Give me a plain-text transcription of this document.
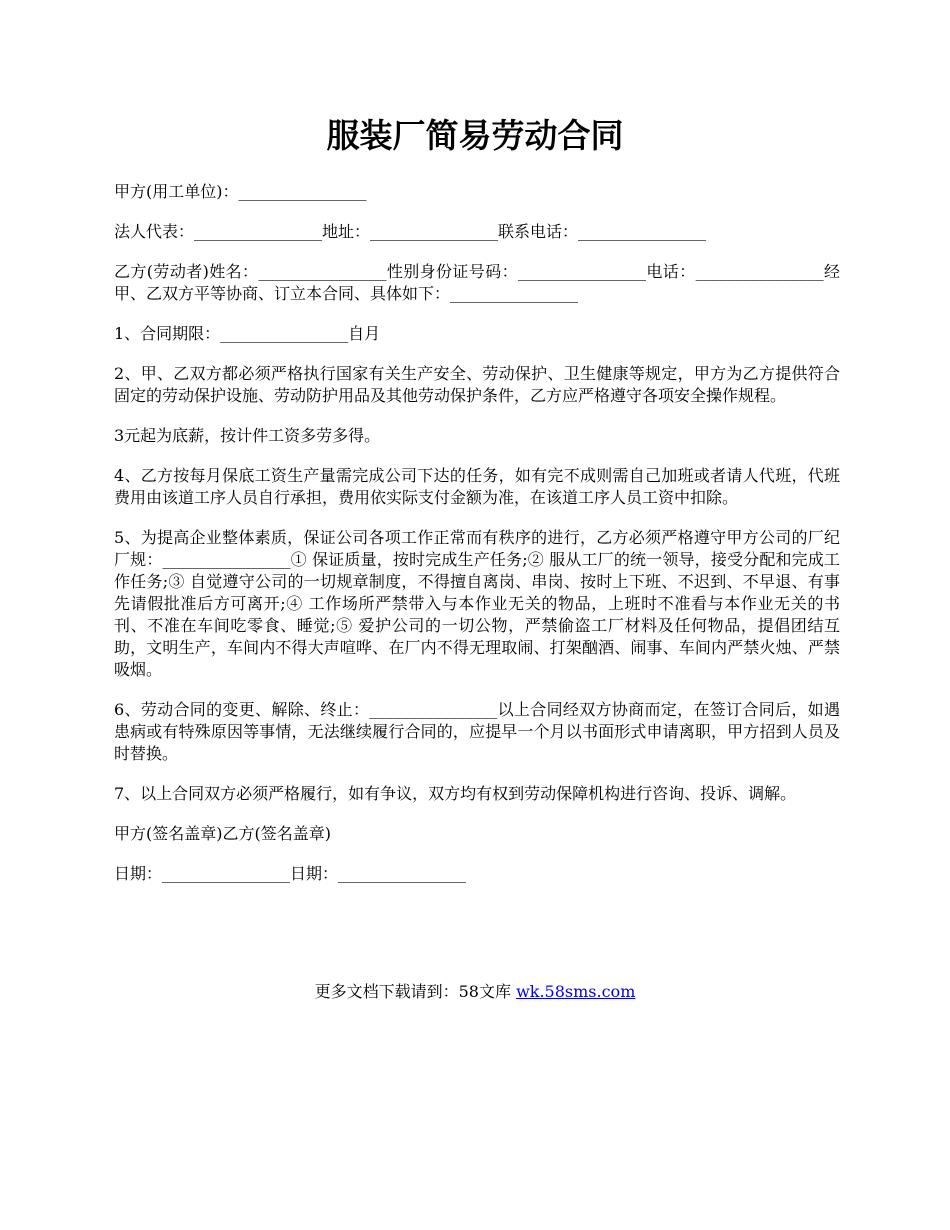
服装厂简易劳动合同

甲方(用工单位)：________________

法人代表：________________地址：________________联系电话：________________

乙方(劳动者)姓名：________________性别身份证号码：________________电话：________________经甲、乙双方平等协商、订立本合同、具体如下：________________

1、合同期限：________________自月

2、甲、乙双方都必须严格执行国家有关生产安全、劳动保护、卫生健康等规定，甲方为乙方提供符合固定的劳动保护设施、劳动防护用品及其他劳动保护条件，乙方应严格遵守各项安全操作规程。

3元起为底薪，按计件工资多劳多得。

4、乙方按每月保底工资生产量需完成公司下达的任务，如有完不成则需自己加班或者请人代班，代班费用由该道工序人员自行承担，费用依实际支付金额为准，在该道工序人员工资中扣除。

5、为提高企业整体素质，保证公司各项工作正常而有秩序的进行，乙方必须严格遵守甲方公司的厂纪厂规：________________① 保证质量，按时完成生产任务;② 服从工厂的统一领导，接受分配和完成工作任务;③ 自觉遵守公司的一切规章制度，不得擅自离岗、串岗、按时上下班、不迟到、不早退、有事先请假批准后方可离开;④ 工作场所严禁带入与本作业无关的物品，上班时不准看与本作业无关的书刊、不准在车间吃零食、睡觉;⑤ 爱护公司的一切公物，严禁偷盗工厂材料及任何物品，提倡团结互助，文明生产，车间内不得大声喧哗、在厂内不得无理取闹、打架酗酒、闹事、车间内严禁火烛、严禁吸烟。

6、劳动合同的变更、解除、终止：________________以上合同经双方协商而定，在签订合同后，如遇患病或有特殊原因等事情，无法继续履行合同的，应提早一个月以书面形式申请离职，甲方招到人员及时替换。

7、以上合同双方必须严格履行，如有争议，双方均有权到劳动保障机构进行咨询、投诉、调解。

甲方(签名盖章)乙方(签名盖章)

日期：________________日期：________________

更多文档下载请到：58文库 wk.58sms.com
